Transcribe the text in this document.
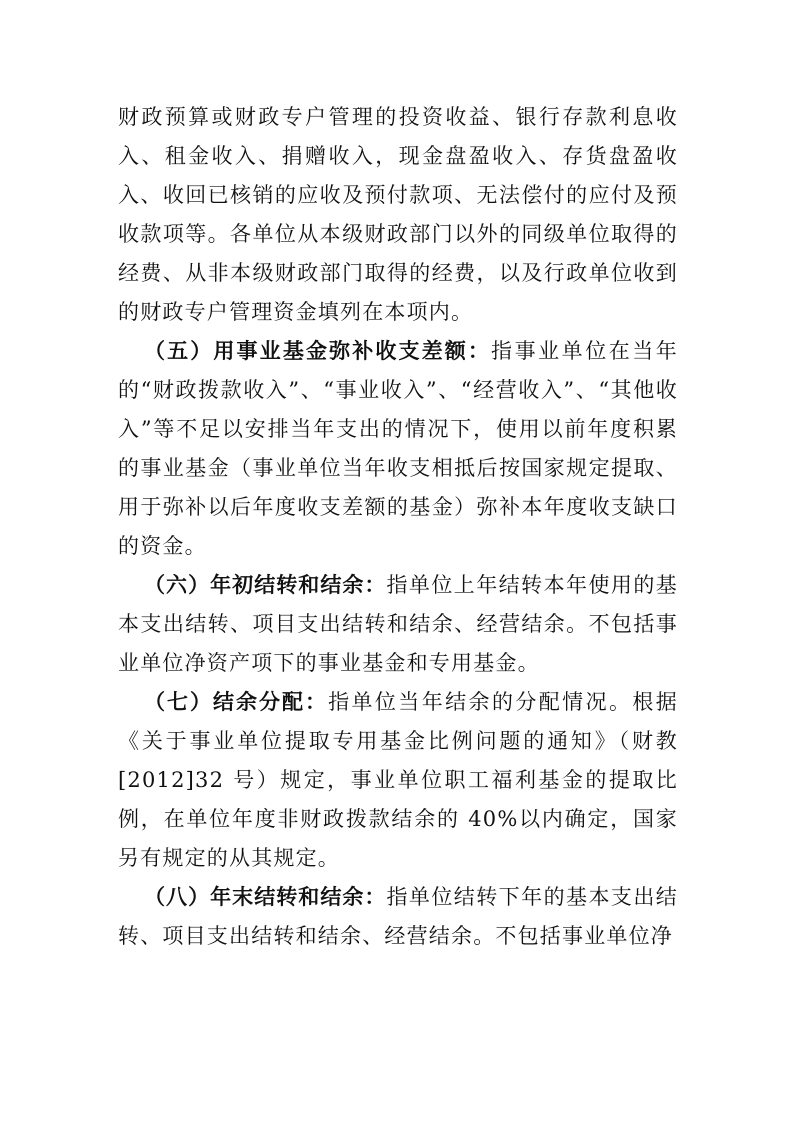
财政预算或财政专户管理的投资收益、银行存款利息收入、租金收入、捐赠收入，现金盘盈收入、存货盘盈收入、收回已核销的应收及预付款项、无法偿付的应付及预收款项等。各单位从本级财政部门以外的同级单位取得的经费、从非本级财政部门取得的经费，以及行政单位收到的财政专户管理资金填列在本项内。

（五）用事业基金弥补收支差额：指事业单位在当年的“财政拨款收入”、“事业收入”、“经营收入”、“其他收入”等不足以安排当年支出的情况下，使用以前年度积累的事业基金（事业单位当年收支相抵后按国家规定提取、用于弥补以后年度收支差额的基金）弥补本年度收支缺口的资金。

（六）年初结转和结余：指单位上年结转本年使用的基本支出结转、项目支出结转和结余、经营结余。不包括事业单位净资产项下的事业基金和专用基金。

（七）结余分配：指单位当年结余的分配情况。根据《关于事业单位提取专用基金比例问题的通知》（财教[2012]32 号）规定，事业单位职工福利基金的提取比例，在单位年度非财政拨款结余的 40%以内确定，国家另有规定的从其规定。

（八）年末结转和结余：指单位结转下年的基本支出结转、项目支出结转和结余、经营结余。不包括事业单位净
